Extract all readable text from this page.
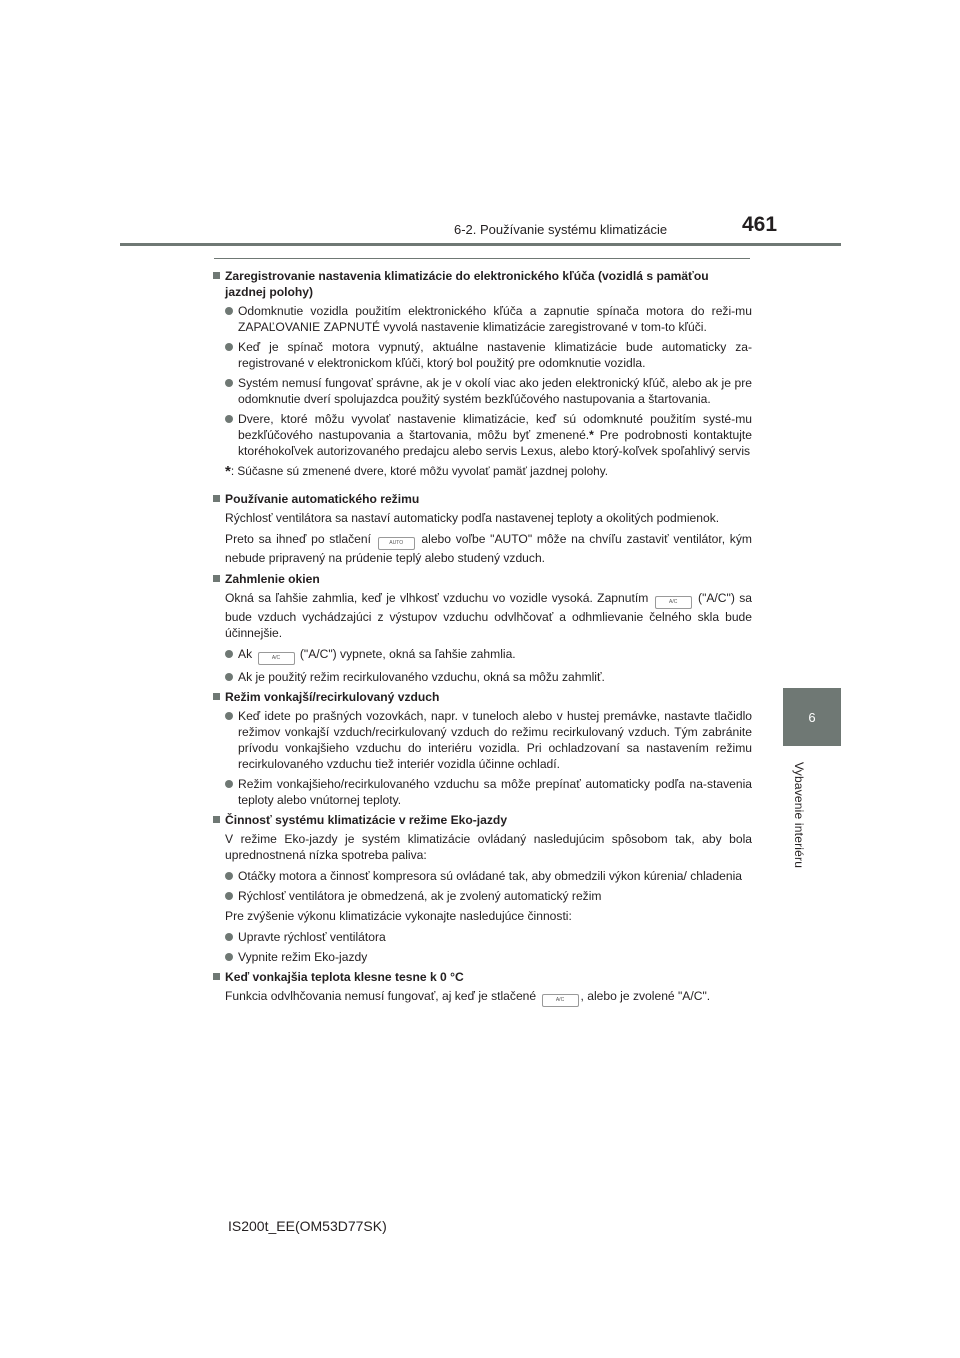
6-2. Používanie systému klimatizácie	461
6
Vybavenie interiéru
Zaregistrovanie nastavenia klimatizácie do elektronického kľúča (vozidlá s pamäťou jazdnej polohy)
Odomknutie vozidla použitím elektronického kľúča a zapnutie spínača motora do reži-mu ZAPAĽOVANIE ZAPNUTÉ vyvolá nastavenie klimatizácie zaregistrované v tom-to kľúči.
Keď je spínač motora vypnutý, aktuálne nastavenie klimatizácie bude automaticky za-registrované v elektronickom kľúči, ktorý bol použitý pre odomknutie vozidla.
Systém nemusí fungovať správne, ak je v okolí viac ako jeden elektronický kľúč, alebo ak je pre odomknutie dverí spolujazdca použitý systém bezkľúčového nastupovania a štartovania.
Dvere, ktoré môžu vyvolať nastavenie klimatizácie, keď sú odomknuté použitím systé-mu bezkľúčového nastupovania a štartovania, môžu byť zmenené.* Pre podrobnosti kontaktujte ktoréhokoľvek autorizovaného predajcu alebo servis Lexus, alebo ktorý-koľvek spoľahlivý servis
*: Súčasne sú zmenené dvere, ktoré môžu vyvolať pamäť jazdnej polohy.
Používanie automatického režimu
Rýchlosť ventilátora sa nastaví automaticky podľa nastavenej teploty a okolitých podmienok.
Preto sa ihneď po stlačení	AUTO alebo voľbe "AUTO" môže na chvíľu zastaviť ventilátor, kým nebude pripravený na prúdenie teplý alebo studený vzduch.
Zahmlenie okien
Okná sa ľahšie zahmlia, keď je vlhkosť vzduchu vo vozidle vysoká. Zapnutím	A/C ("A/C") sa bude vzduch vychádzajúci z výstupov vzduchu odvlhčovať a odhmlievanie čelného skla bude účinnejšie.
Ak	A/C ("A/C") vypnete, okná sa ľahšie zahmlia.
Ak je použitý režim recirkulovaného vzduchu, okná sa môžu zahmliť.
Režim vonkajší/recirkulovaný vzduch
Keď idete po prašných vozovkách, napr. v tuneloch alebo v hustej premávke, nastavte tlačidlo režimov vonkajší vzduch/recirkulovaný vzduch do režimu recirkulovaný vzduch. Tým zabránite prívodu vonkajšieho vzduchu do interiéru vozidla. Pri ochladzovaní sa nastavením režimu recirkulovaného vzduchu tiež interiér vozidla účinne ochladí.
Režim vonkajšieho/recirkulovaného vzduchu sa môže prepínať automaticky podľa na-stavenia teploty alebo vnútornej teploty.
Činnosť systému klimatizácie v režime Eko-jazdy
V režime Eko-jazdy je systém klimatizácie ovládaný nasledujúcim spôsobom tak, aby bola uprednostnená nízka spotreba paliva:
Otáčky motora a činnosť kompresora sú ovládané tak, aby obmedzili výkon kúrenia/ chladenia
Rýchlosť ventilátora je obmedzená, ak je zvolený automatický režim
Pre zvýšenie výkonu klimatizácie vykonajte nasledujúce činnosti:
Upravte rýchlosť ventilátora
Vypnite režim Eko-jazdy
Keď vonkajšia teplota klesne tesne k 0 °C
Funkcia odvlhčovania nemusí fungovať, aj keď je stlačené	A/C , alebo je zvolené "A/C".
IS200t_EE(OM53D77SK)
